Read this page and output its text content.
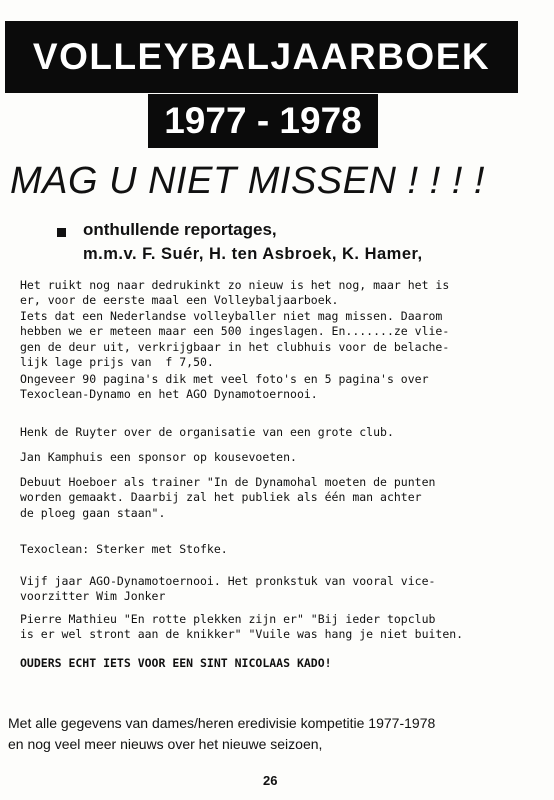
VOLLEYBALJAARBOEK
1977 - 1978
MAG U NIET MISSEN ! ! ! !
onthullende reportages,
m.m.v. F. Suér, H. ten Asbroek, K. Hamer,
Het ruikt nog naar dedrukinkt zo nieuw is het nog, maar het is
er, voor de eerste maal een Volleybaljaarboek.
Iets dat een Nederlandse volleyballer niet mag missen. Daarom
hebben we er meteen maar een 500 ingeslagen. En.......ze vlie-
gen de deur uit, verkrijgbaar in het clubhuis voor de belache-
lijk lage prijs van  f 7,50.
Ongeveer 90 pagina's dik met veel foto's en 5 pagina's over
Texoclean-Dynamo en het AGO Dynamotoernooi.
Henk de Ruyter over de organisatie van een grote club.
Jan Kamphuis een sponsor op kousevoeten.
Debuut Hoeboer als trainer "In de Dynamohal moeten de punten
worden gemaakt. Daarbij zal het publiek als één man achter
de ploeg gaan staan".
Texoclean: Sterker met Stofke.
Vijf jaar AGO-Dynamotoernooi. Het pronkstuk van vooral vice-
voorzitter Wim Jonker
Pierre Mathieu "En rotte plekken zijn er" "Bij ieder topclub
is er wel stront aan de knikker" "Vuile was hang je niet buiten.
OUDERS ECHT IETS VOOR EEN SINT NICOLAAS KADO!
Met alle gegevens van dames/heren eredivisie kompetitie 1977-1978
en nog veel meer nieuws over het nieuwe seizoen,
26
